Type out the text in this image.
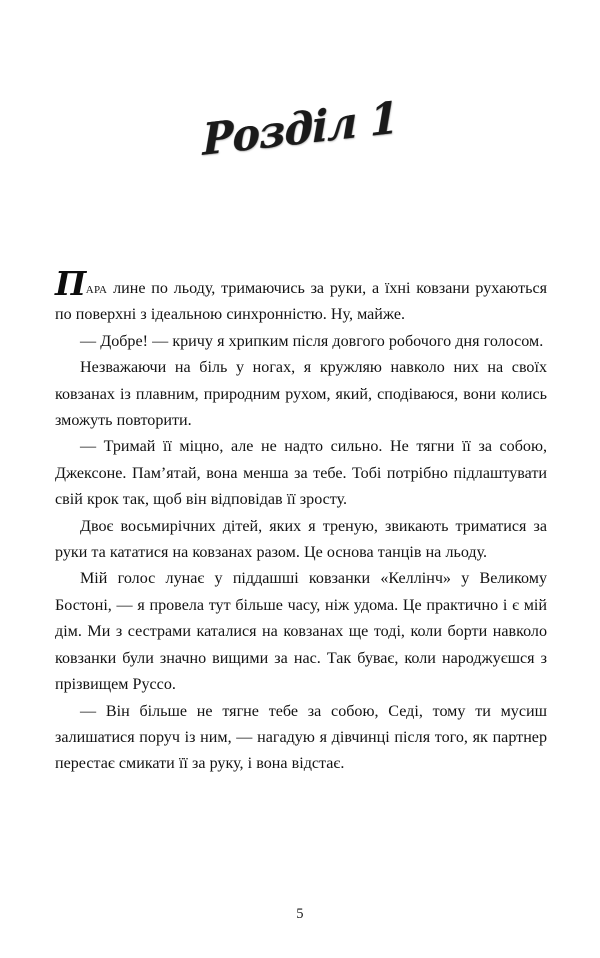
Розділ 1

Пара лине по льоду, тримаючись за руки, а їхні ковзани рухаються по поверхні з ідеальною синхронністю. Ну, майже.

— Добре! — кричу я хрипким після довгого робочого дня голосом.

Незважаючи на біль у ногах, я кружляю навколо них на своїх ковзанах із плавним, природним рухом, який, сподіваюся, вони колись зможуть повторити.

— Тримай її міцно, але не надто сильно. Не тягни її за собою, Джексоне. Пам’ятай, вона менша за тебе. Тобі потрібно підлаштувати свій крок так, щоб він відповідав її зросту.

Двоє восьмирічних дітей, яких я треную, звикають триматися за руки та кататися на ковзанах разом. Це основа танців на льоду.

Мій голос лунає у піддашші ковзанки «Келлінч» у Великому Бостоні, — я провела тут більше часу, ніж удома. Це практично і є мій дім. Ми з сестрами каталися на ковзанах ще тоді, коли борти навколо ковзанки були значно вищими за нас. Так буває, коли народжуєшся з прізвищем Руссо.

— Він більше не тягне тебе за собою, Седі, тому ти мусиш залишатися поруч із ним, — нагадую я дівчинці після того, як партнер перестає смикати її за руку, і вона відстає.

5
